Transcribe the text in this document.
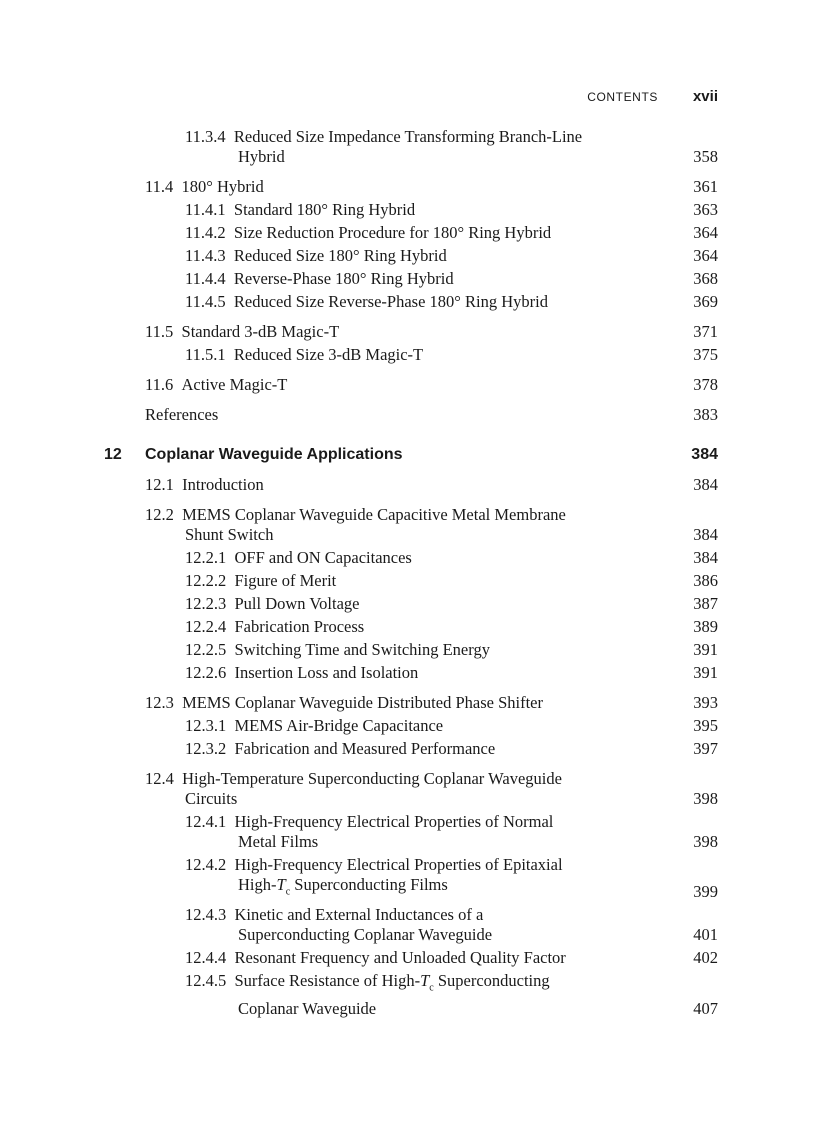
CONTENTS xvii
11.3.4 Reduced Size Impedance Transforming Branch-Line
Hybrid	358
11.4 180° Hybrid	361
11.4.1 Standard 180° Ring Hybrid	363
11.4.2 Size Reduction Procedure for 180° Ring Hybrid	364
11.4.3 Reduced Size 180° Ring Hybrid	364
11.4.4 Reverse-Phase 180° Ring Hybrid	368
11.4.5 Reduced Size Reverse-Phase 180° Ring Hybrid	369
11.5 Standard 3-dB Magic-T	371
11.5.1 Reduced Size 3-dB Magic-T	375
11.6 Active Magic-T	378
References	383
12 Coplanar Waveguide Applications	384
12.1 Introduction	384
12.2 MEMS Coplanar Waveguide Capacitive Metal Membrane
Shunt Switch	384
12.2.1 OFF and ON Capacitances	384
12.2.2 Figure of Merit	386
12.2.3 Pull Down Voltage	387
12.2.4 Fabrication Process	389
12.2.5 Switching Time and Switching Energy	391
12.2.6 Insertion Loss and Isolation	391
12.3 MEMS Coplanar Waveguide Distributed Phase Shifter	393
12.3.1 MEMS Air-Bridge Capacitance	395
12.3.2 Fabrication and Measured Performance	397
12.4 High-Temperature Superconducting Coplanar Waveguide
Circuits	398
12.4.1 High-Frequency Electrical Properties of Normal
Metal Films	398
12.4.2 High-Frequency Electrical Properties of Epitaxial
High-$T_c$ Superconducting Films	399
12.4.3 Kinetic and External Inductances of a
Superconducting Coplanar Waveguide	401
12.4.4 Resonant Frequency and Unloaded Quality Factor	402
12.4.5 Surface Resistance of High-$T_c$ Superconducting
Coplanar Waveguide	407
